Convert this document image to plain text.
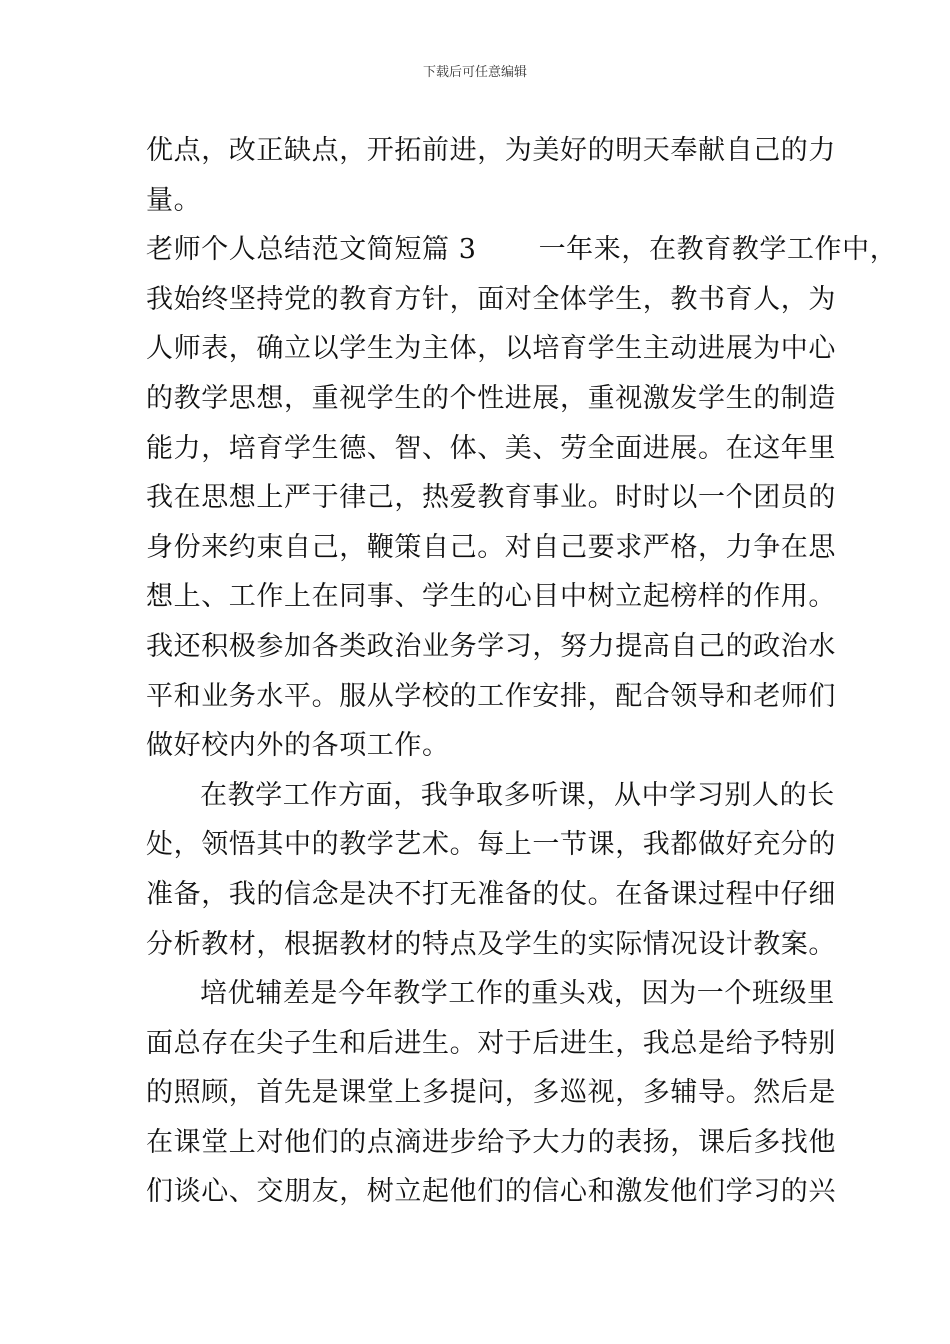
下载后可任意编辑
优点，改正缺点，开拓前进，为美好的明天奉献自己的力
量。
老师个人总结范文简短篇 3 一年来，在教育教学工作中，
我始终坚持党的教育方针，面对全体学生，教书育人，为
人师表，确立以学生为主体，以培育学生主动进展为中心
的教学思想，重视学生的个性进展，重视激发学生的制造
能力，培育学生德、智、体、美、劳全面进展。在这年里
我在思想上严于律己，热爱教育事业。时时以一个团员的
身份来约束自己，鞭策自己。对自己要求严格，力争在思
想上、工作上在同事、学生的心目中树立起榜样的作用。
我还积极参加各类政治业务学习，努力提高自己的政治水
平和业务水平。服从学校的工作安排，配合领导和老师们
做好校内外的各项工作。
在教学工作方面，我争取多听课，从中学习别人的长
处，领悟其中的教学艺术。每上一节课，我都做好充分的
准备，我的信念是决不打无准备的仗。在备课过程中仔细
分析教材，根据教材的特点及学生的实际情况设计教案。
培优辅差是今年教学工作的重头戏，因为一个班级里
面总存在尖子生和后进生。对于后进生，我总是给予特别
的照顾，首先是课堂上多提问，多巡视，多辅导。然后是
在课堂上对他们的点滴进步给予大力的表扬，课后多找他
们谈心、交朋友，树立起他们的信心和激发他们学习的兴
